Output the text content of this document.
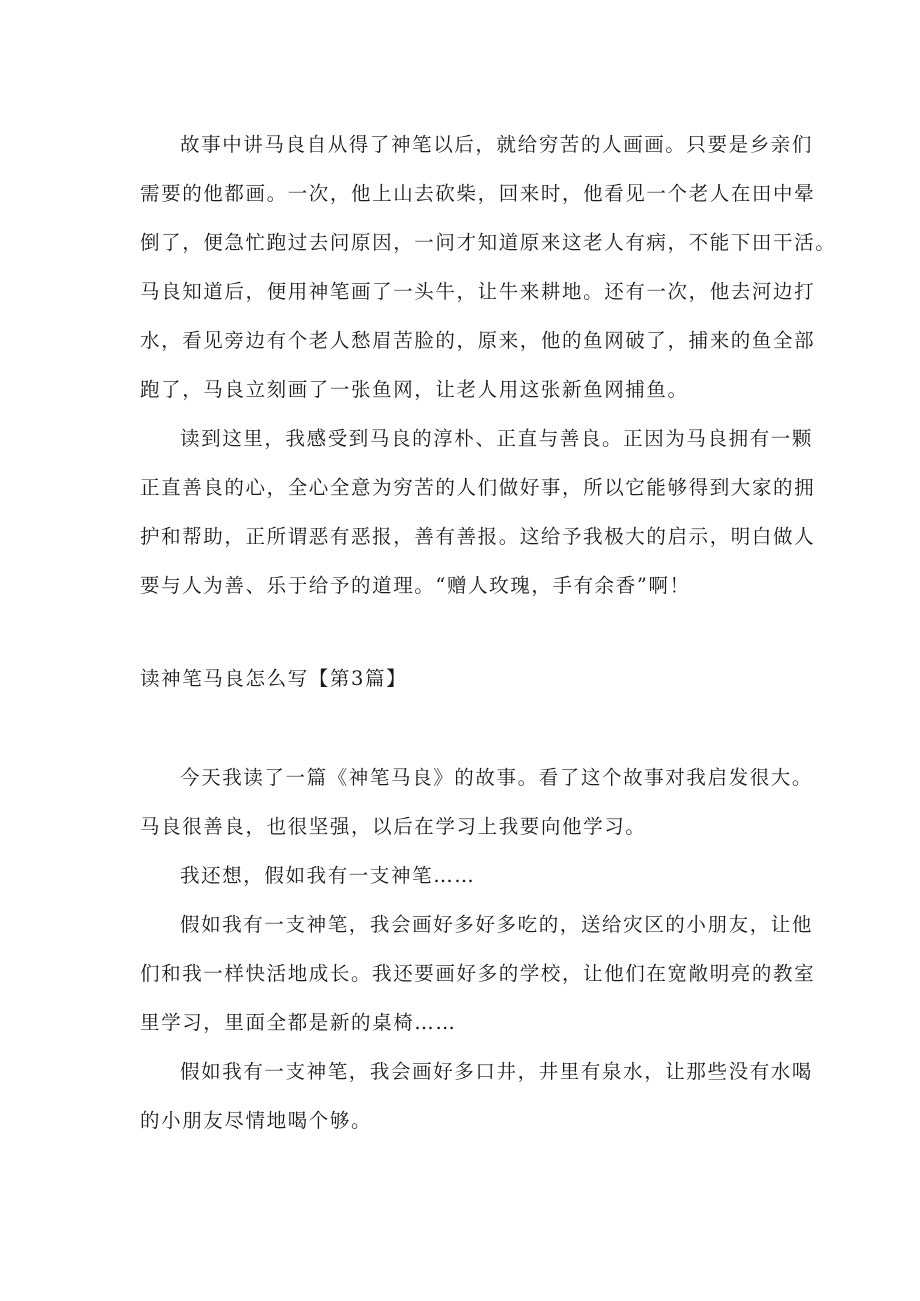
故事中讲马良自从得了神笔以后，就给穷苦的人画画。只要是乡亲们
需要的他都画。一次，他上山去砍柴，回来时，他看见一个老人在田中晕
倒了，便急忙跑过去问原因，一问才知道原来这老人有病，不能下田干活。
马良知道后，便用神笔画了一头牛，让牛来耕地。还有一次，他去河边打
水，看见旁边有个老人愁眉苦脸的，原来，他的鱼网破了，捕来的鱼全部
跑了，马良立刻画了一张鱼网，让老人用这张新鱼网捕鱼。
读到这里，我感受到马良的淳朴、正直与善良。正因为马良拥有一颗
正直善良的心，全心全意为穷苦的人们做好事，所以它能够得到大家的拥
护和帮助，正所谓恶有恶报，善有善报。这给予我极大的启示，明白做人
要与人为善、乐于给予的道理。“赠人玫瑰，手有余香”啊！
读神笔马良怎么写【第3篇】
今天我读了一篇《神笔马良》的故事。看了这个故事对我启发很大。
马良很善良，也很坚强，以后在学习上我要向他学习。
我还想，假如我有一支神笔……
假如我有一支神笔，我会画好多好多吃的，送给灾区的小朋友，让他
们和我一样快活地成长。我还要画好多的学校，让他们在宽敞明亮的教室
里学习，里面全都是新的桌椅……
假如我有一支神笔，我会画好多口井，井里有泉水，让那些没有水喝
的小朋友尽情地喝个够。
